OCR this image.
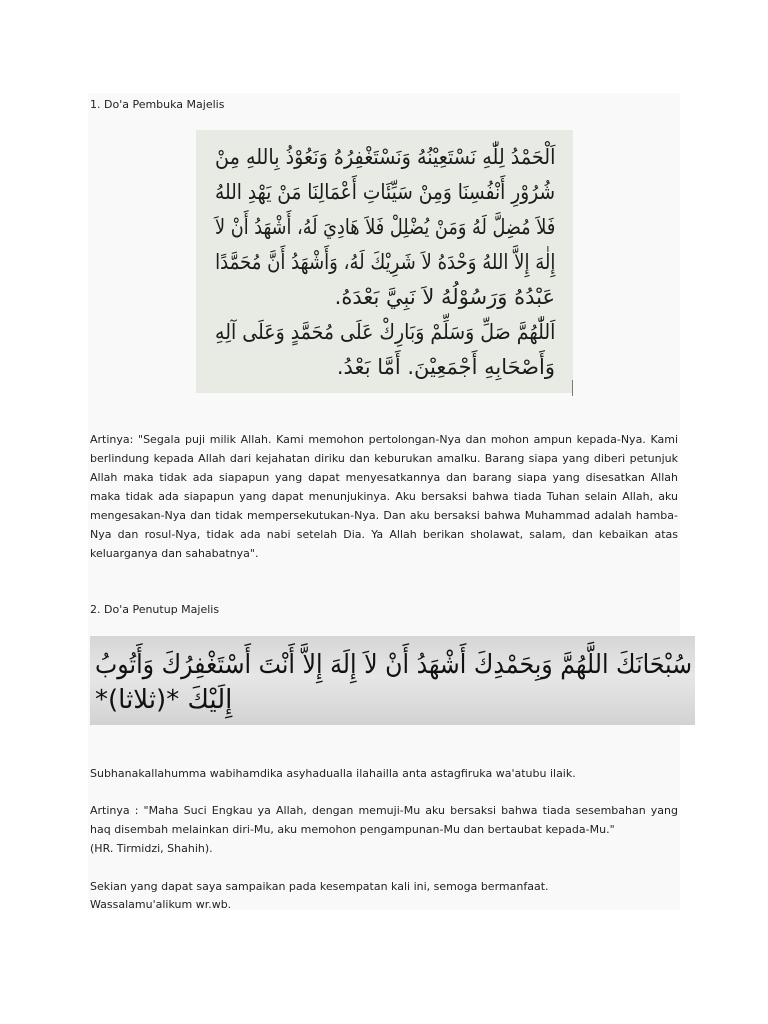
1. Do'a Pembuka Majelis
اَلْحَمْدُ لِلّٰهِ نَسْتَعِيْنُهُ وَنَسْتَغْفِرُهُ وَنَعُوْذُ بِاللهِ مِنْ
شُرُوْرِ أَنْفُسِنَا وَمِنْ سَيِّئَاتِ أَعْمَالِنَا مَنْ يَهْدِ اللهُ
فَلاَ مُضِلَّ لَهُ وَمَنْ يُضْلِلْ فَلاَ هَادِيَ لَهُ، أَشْهَدُ أَنْ لاَ
إِلٰهَ إِلاَّ اللهُ وَحْدَهُ لاَ شَرِيْكَ لَهُ، وَأَشْهَدُ أَنَّ مُحَمَّدًا
عَبْدُهُ وَرَسُوْلُهُ لاَ نَبِيَّ بَعْدَهُ.
اَللّٰهُمَّ صَلِّ وَسَلِّمْ وَبَارِكْ عَلَى مُحَمَّدٍ وَعَلَى آلِهِ
وَأَصْحَابِهِ أَجْمَعِيْنَ. أَمَّا بَعْدُ.

Artinya: "Segala puji milik Allah. Kami memohon pertolongan-Nya dan mohon ampun kepada-Nya. Kami berlindung kepada Allah dari kejahatan diriku dan keburukan amalku. Barang siapa yang diberi petunjuk Allah maka tidak ada siapapun yang dapat menyesatkannya dan barang siapa yang disesatkan Allah maka tidak ada siapapun yang dapat menunjukinya. Aku bersaksi bahwa tiada Tuhan selain Allah, aku mengesakan-Nya dan tidak mempersekutukan-Nya. Dan aku bersaksi bahwa Muhammad adalah hamba-Nya dan rosul-Nya, tidak ada nabi setelah Dia. Ya Allah berikan sholawat, salam, dan kebaikan atas keluarganya dan sahabatnya".

2. Do'a Penutup Majelis
سُبْحَانَكَ اللَّهُمَّ وَبِحَمْدِكَ أَشْهَدُ أَنْ لاَ إِلَهَ إِلاَّ أَنْتَ أَسْتَغْفِرُكَ وَأَتُوبُ
إِلَيْكَ *(ثلاثا)*
Subhanakallahumma wabihamdika asyhadualla ilahailla anta astagfiruka wa'atubu ilaik.

Artinya : "Maha Suci Engkau ya Allah, dengan memuji-Mu aku bersaksi bahwa tiada sesembahan yang haq disembah melainkan diri-Mu, aku memohon pengampunan-Mu dan bertaubat kepada-Mu."

(HR. Tirmidzi, Shahih).
Sekian yang dapat saya sampaikan pada kesempatan kali ini, semoga bermanfaat.
Wassalamu'alikum wr.wb.
